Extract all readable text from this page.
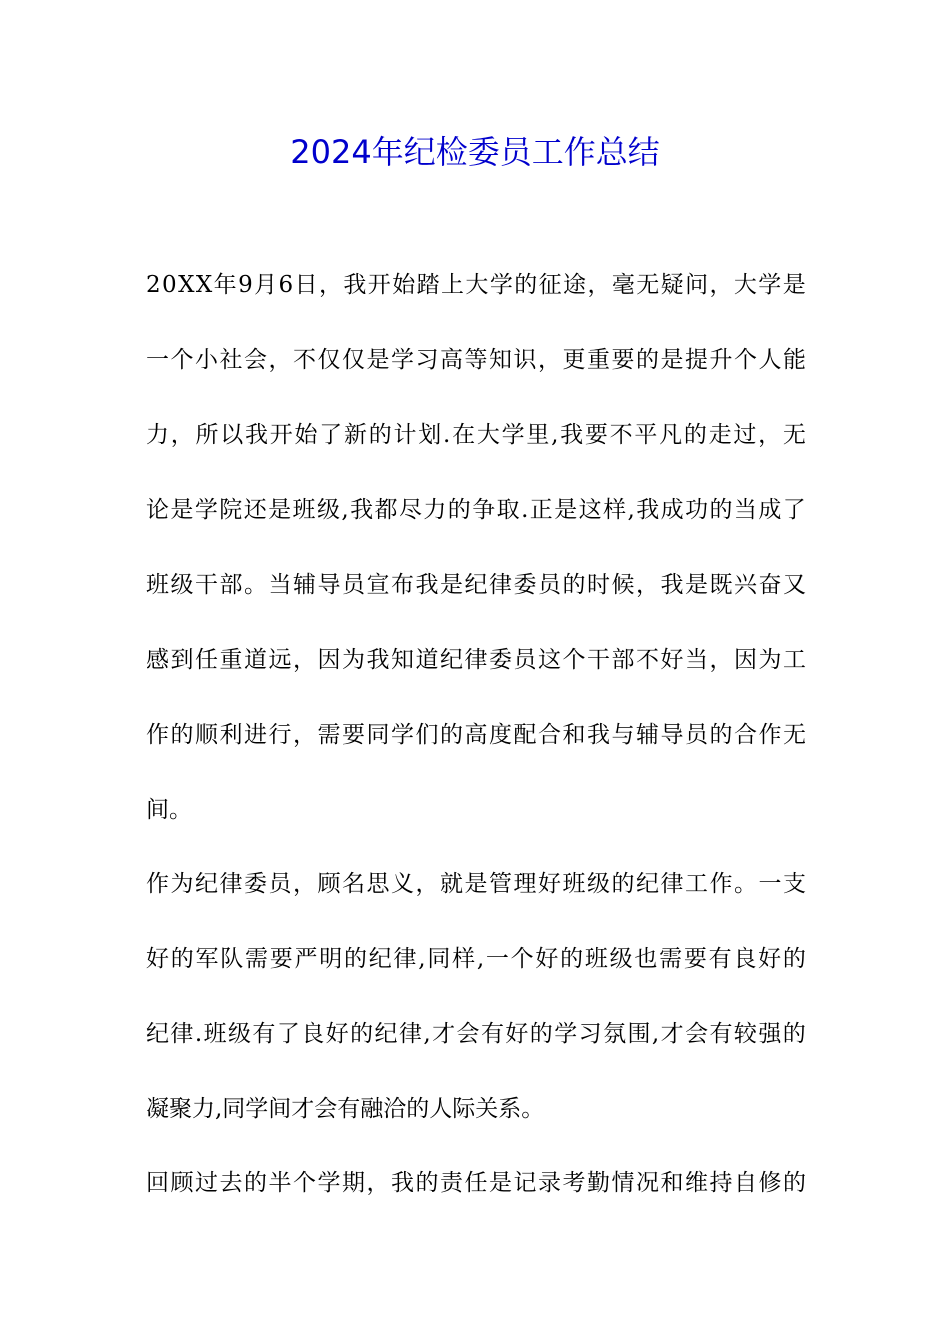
2024年纪检委员工作总结
2 0 X X 年 9 月 6 日 ， 我 开 始 踏 上 大 学 的 征 途 ， 毫 无 疑 问 ， 大 学 是
一 个 小 社 会 ， 不 仅 仅 是 学 习 高 等 知 识 ， 更 重 要 的 是 提 升 个 人 能
力 ， 所 以 我 开 始 了 新 的 计 划 . 在 大 学 里 , 我 要 不 平 凡 的 走 过 ， 无
论 是 学 院 还 是 班 级 , 我 都 尽 力 的 争 取 . 正 是 这 样 , 我 成 功 的 当 成 了
班 级 干 部 。 当 辅 导 员 宣 布 我 是 纪 律 委 员 的 时 候 ， 我 是 既 兴 奋 又
感 到 任 重 道 远 ， 因 为 我 知 道 纪 律 委 员 这 个 干 部 不 好 当 ， 因 为 工
作 的 顺 利 进 行 ， 需 要 同 学 们 的 高 度 配 合 和 我 与 辅 导 员 的 合 作 无
间。
作 为 纪 律 委 员 ， 顾 名 思 义 ， 就 是 管 理 好 班 级 的 纪 律 工 作 。 一 支
好 的 军 队 需 要 严 明 的 纪 律 , 同 样 , 一 个 好 的 班 级 也 需 要 有 良 好 的
纪 律 . 班 级 有 了 良 好 的 纪 律 , 才 会 有 好 的 学 习 氛 围 , 才 会 有 较 强 的
凝聚力,同学间才会有融洽的人际关系。
回 顾 过 去 的 半 个 学 期 ， 我 的 责 任 是 记 录 考 勤 情 况 和 维 持 自 修 的
